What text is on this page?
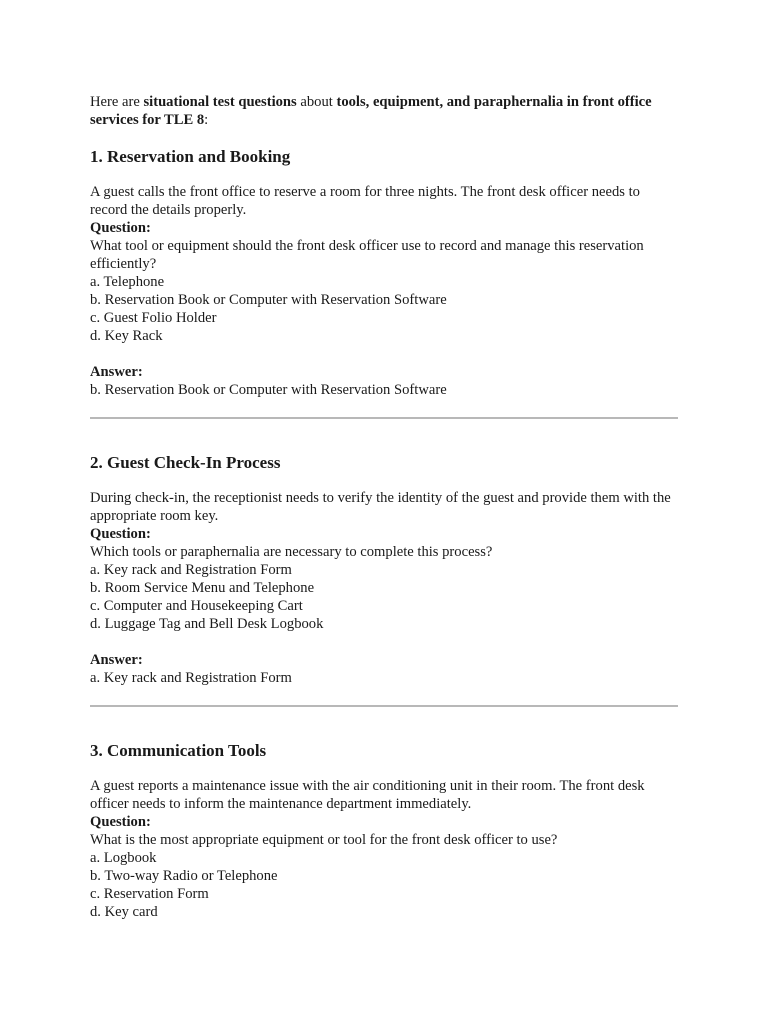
Here are situational test questions about tools, equipment, and paraphernalia in front office services for TLE 8:

1. Reservation and Booking

A guest calls the front office to reserve a room for three nights. The front desk officer needs to record the details properly.

Question:

What tool or equipment should the front desk officer use to record and manage this reservation efficiently?

a. Telephone

b. Reservation Book or Computer with Reservation Software

c. Guest Folio Holder

d. Key Rack

Answer:

b. Reservation Book or Computer with Reservation Software

2. Guest Check-In Process

During check-in, the receptionist needs to verify the identity of the guest and provide them with the appropriate room key.

Question:

Which tools or paraphernalia are necessary to complete this process?

a. Key rack and Registration Form

b. Room Service Menu and Telephone

c. Computer and Housekeeping Cart

d. Luggage Tag and Bell Desk Logbook

Answer:

a. Key rack and Registration Form

3. Communication Tools

A guest reports a maintenance issue with the air conditioning unit in their room. The front desk officer needs to inform the maintenance department immediately.

Question:

What is the most appropriate equipment or tool for the front desk officer to use?

a. Logbook

b. Two-way Radio or Telephone

c. Reservation Form

d. Key card
